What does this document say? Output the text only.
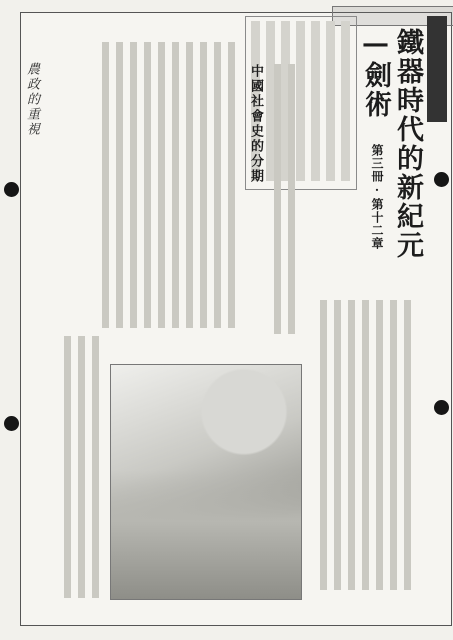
鐵器時代的新紀元—劍術
第三冊·第十二章
中國社會史的分期
農政的重視
